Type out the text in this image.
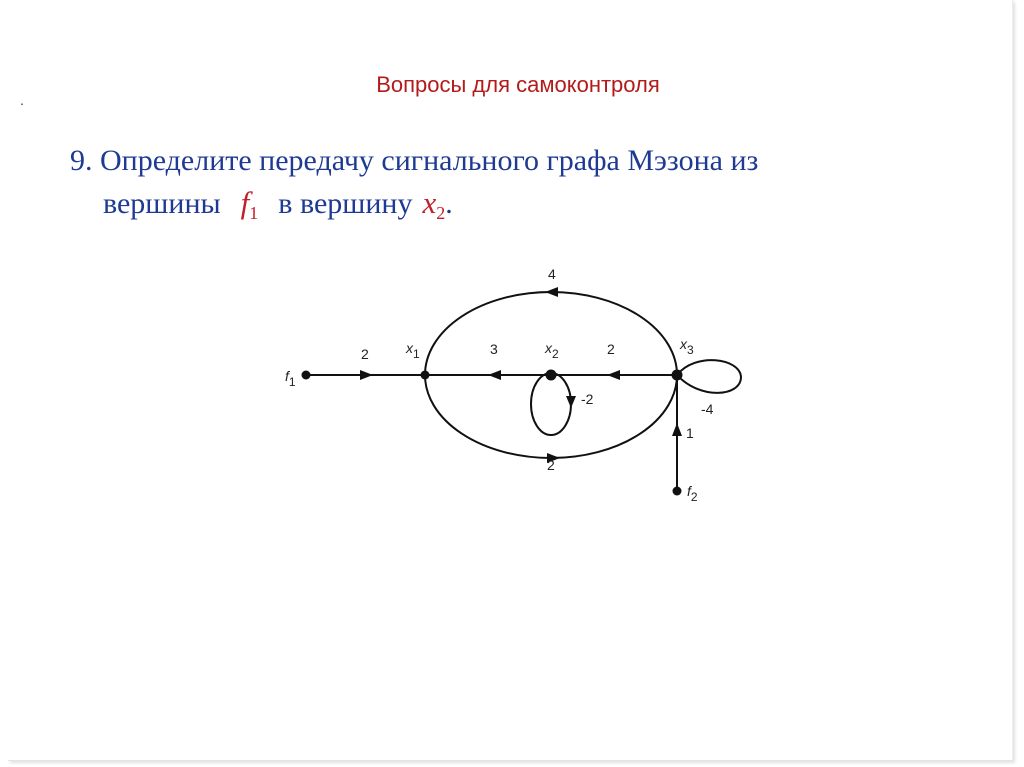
.
Вопросы для самоконтроля
9. Определите передачу сигнального графа Мэзона из
вершины $f_1$ в вершину $x_2$.
f1
x1	x2
x3
f2
2	3	2
4
2
-2
-4
1
